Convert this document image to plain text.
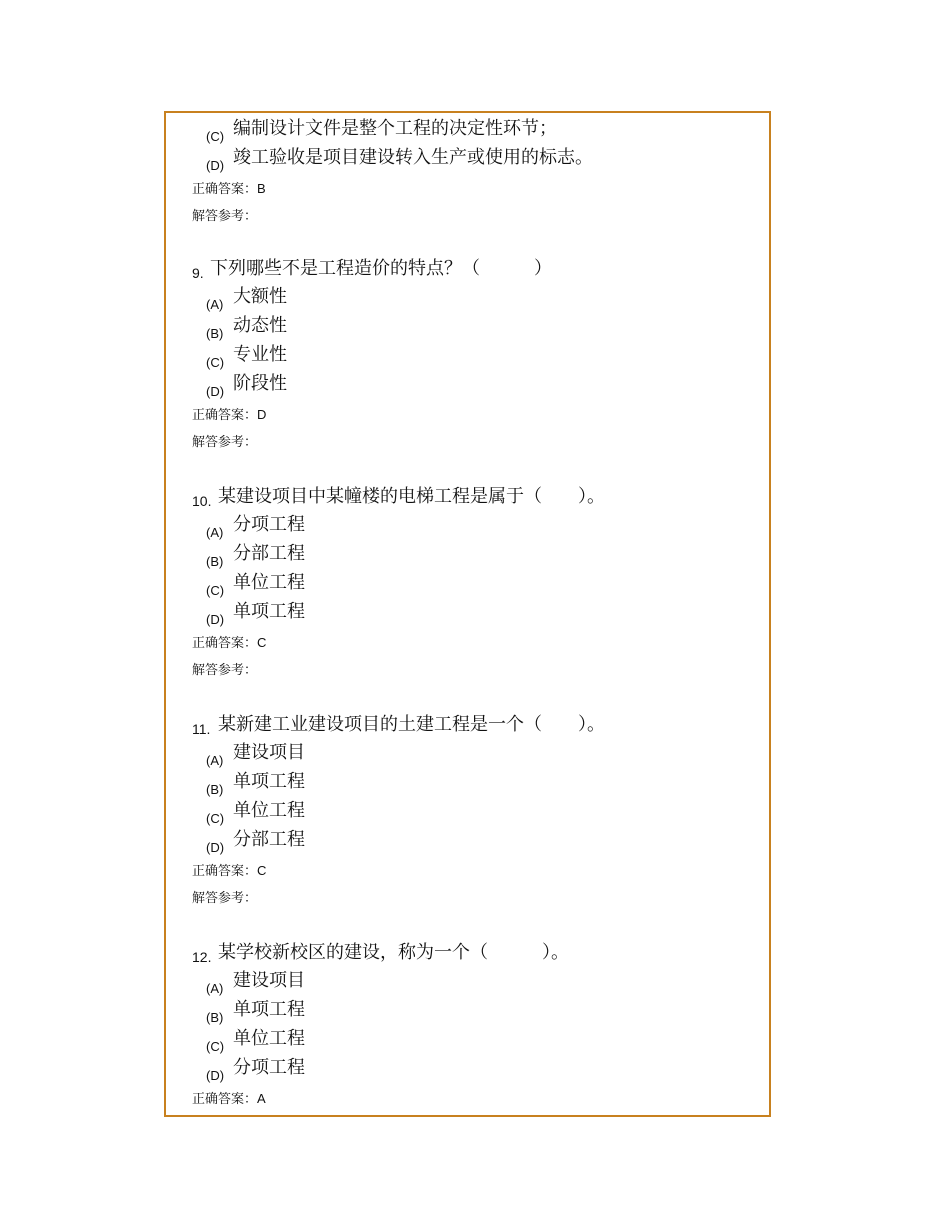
(C) 编制设计文件是整个工程的决定性环节；
(D) 竣工验收是项目建设转入生产或使用的标志。
正确答案：B
解答参考：
9. 下列哪些不是工程造价的特点？（　　　）
(A) 大额性
(B) 动态性
(C) 专业性
(D) 阶段性
正确答案：D
解答参考：
10. 某建设项目中某幢楼的电梯工程是属于（　　）。
(A) 分项工程
(B) 分部工程
(C) 单位工程
(D) 单项工程
正确答案：C
解答参考：
11. 某新建工业建设项目的土建工程是一个（　　）。
(A) 建设项目
(B) 单项工程
(C) 单位工程
(D) 分部工程
正确答案：C
解答参考：
12. 某学校新校区的建设，称为一个（　　　）。
(A) 建设项目
(B) 单项工程
(C) 单位工程
(D) 分项工程
正确答案：A
